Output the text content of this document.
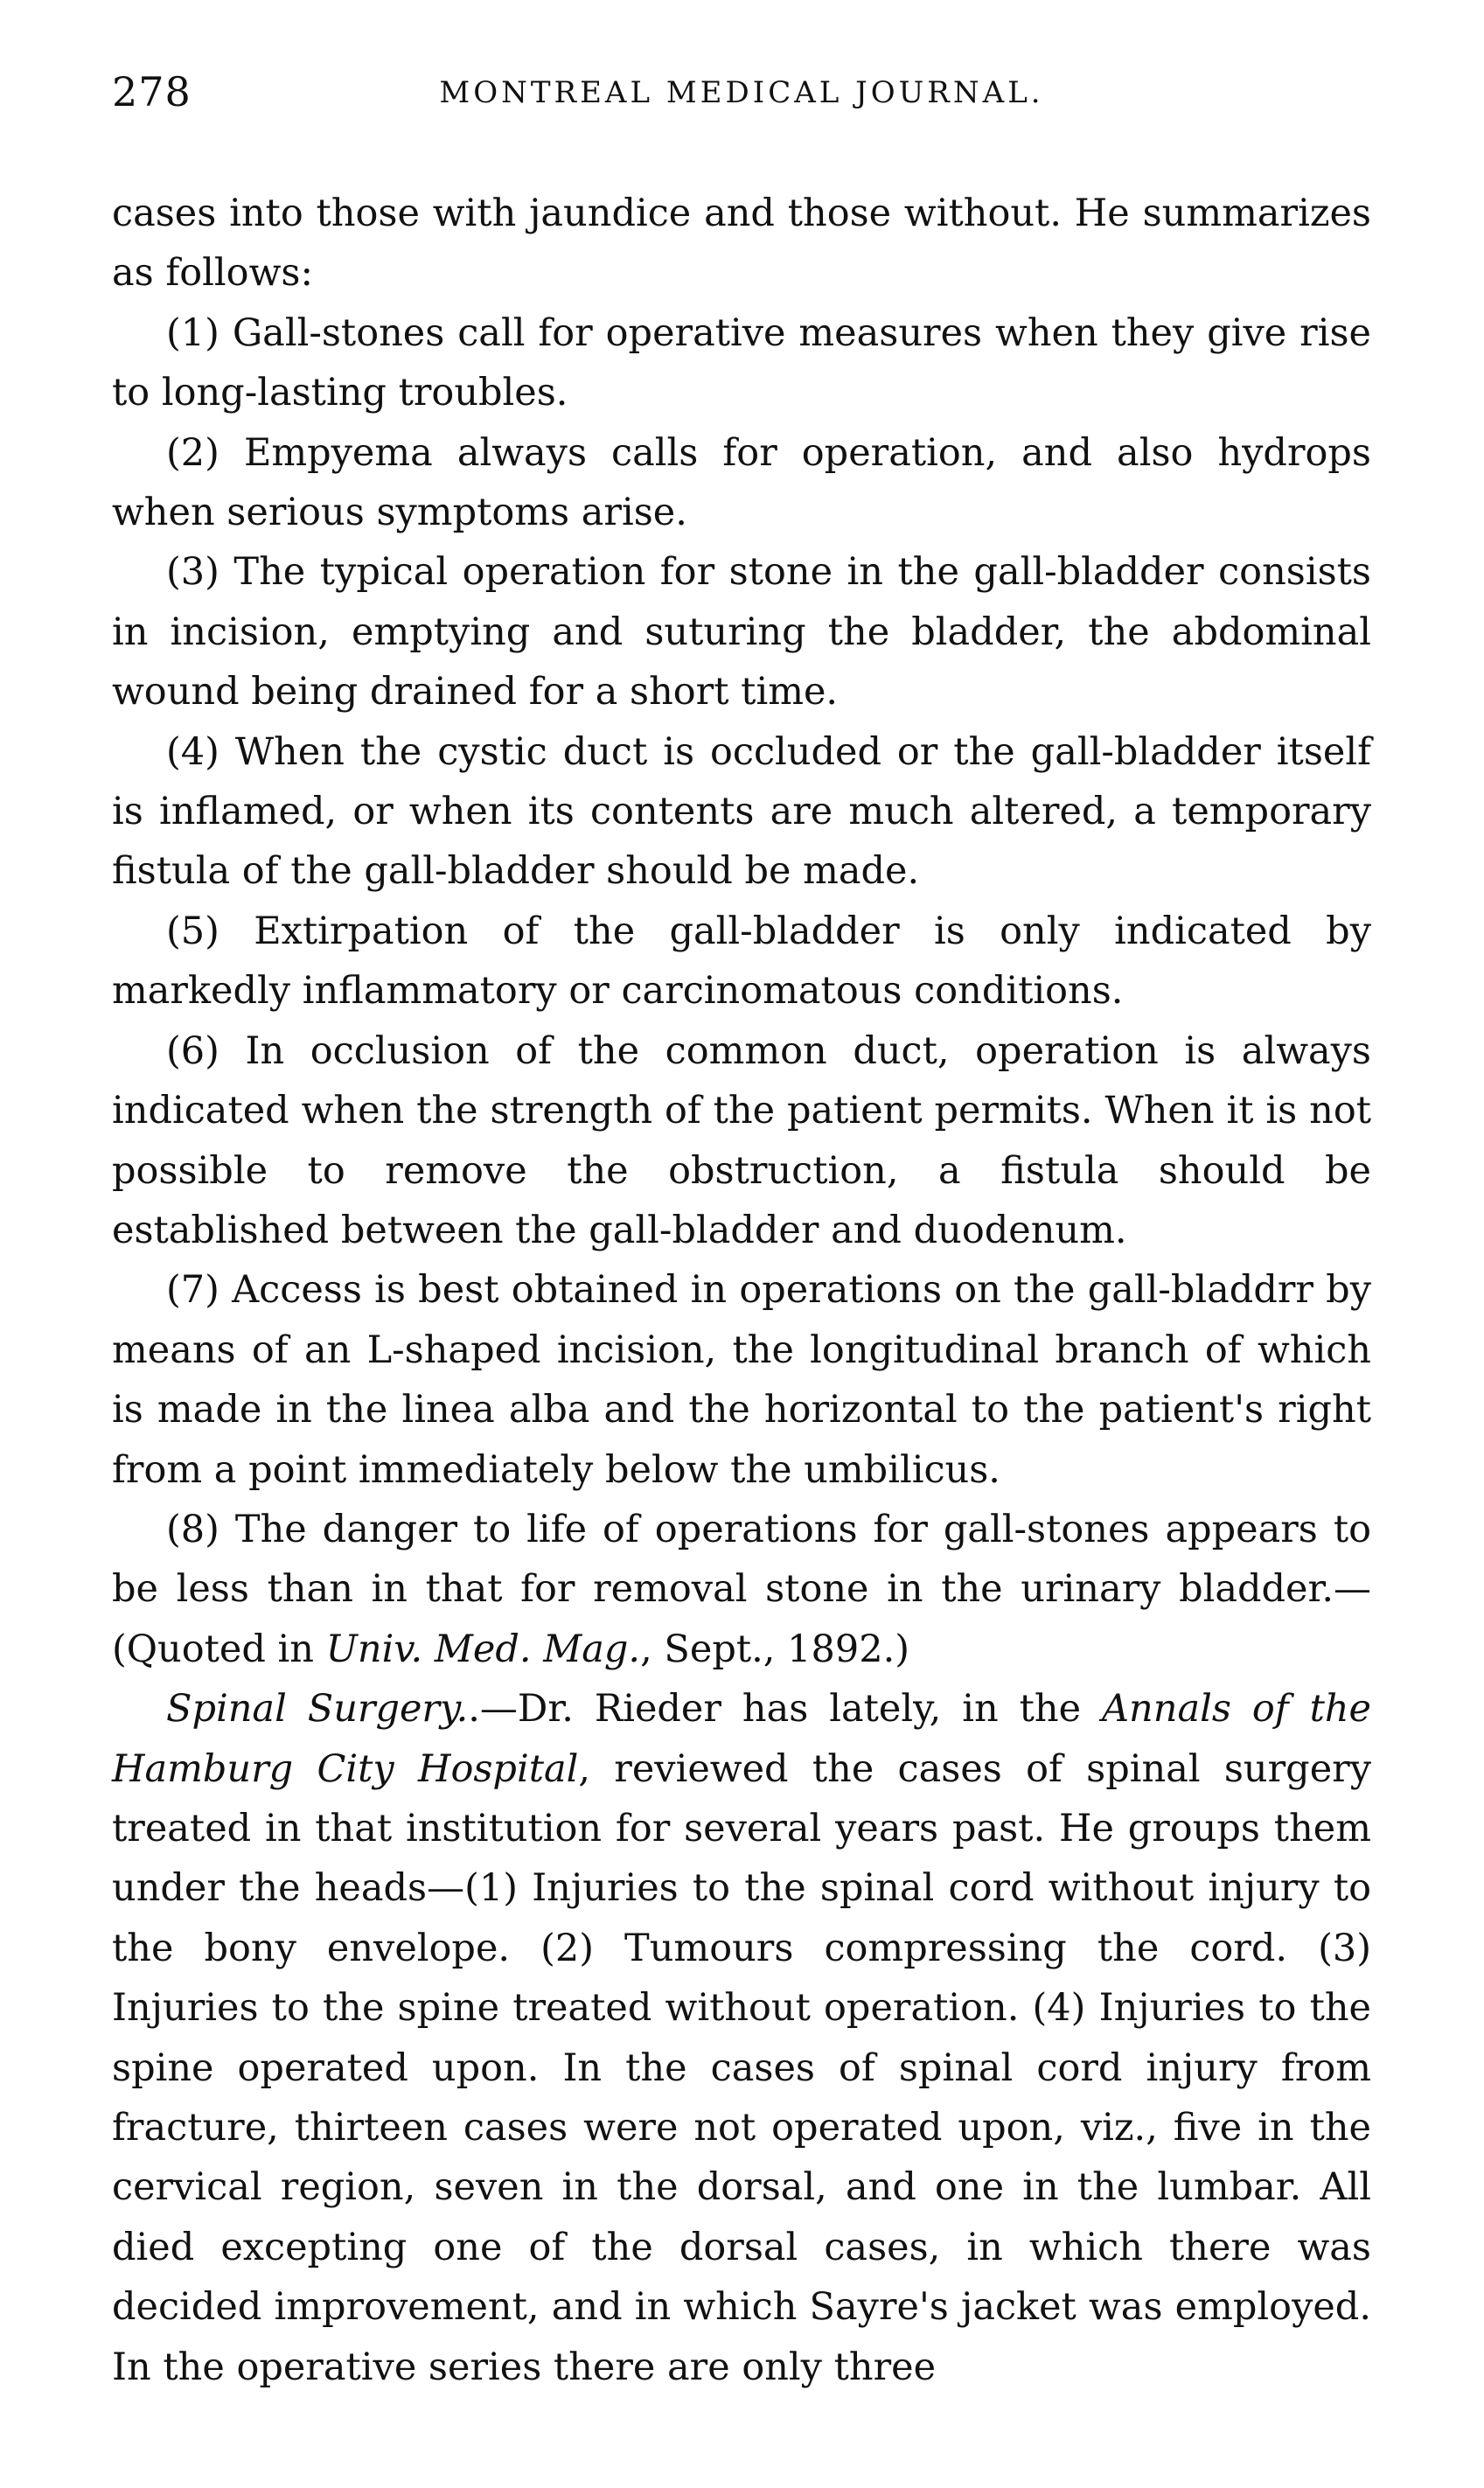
278	MONTREAL MEDICAL JOURNAL.

cases into those with jaundice and those without. He summarizes as follows:

(1) Gall-stones call for operative measures when they give rise to long-lasting troubles.

(2) Empyema always calls for operation, and also hydrops when serious symptoms arise.

(3) The typical operation for stone in the gall-bladder consists in incision, emptying and suturing the bladder, the abdominal wound being drained for a short time.

(4) When the cystic duct is occluded or the gall-bladder itself is inflamed, or when its contents are much altered, a temporary fistula of the gall-bladder should be made.

(5) Extirpation of the gall-bladder is only indicated by markedly inflammatory or carcinomatous conditions.

(6) In occlusion of the common duct, operation is always indicated when the strength of the patient permits. When it is not possible to remove the obstruction, a fistula should be established between the gall-bladder and duodenum.

(7) Access is best obtained in operations on the gall-bladdrr by means of an L-shaped incision, the longitudinal branch of which is made in the linea alba and the horizontal to the patient's right from a point immediately below the umbilicus.

(8) The danger to life of operations for gall-stones appears to be less than in that for removal stone in the urinary bladder.—(Quoted in Univ. Med. Mag., Sept., 1892.)

Spinal Surgery..—Dr. Rieder has lately, in the Annals of the Hamburg City Hospital, reviewed the cases of spinal surgery treated in that institution for several years past. He groups them under the heads—(1) Injuries to the spinal cord without injury to the bony envelope. (2) Tumours compressing the cord. (3) Injuries to the spine treated without operation. (4) Injuries to the spine operated upon. In the cases of spinal cord injury from fracture, thirteen cases were not operated upon, viz., five in the cervical region, seven in the dorsal, and one in the lumbar. All died excepting one of the dorsal cases, in which there was decided improvement, and in which Sayre's jacket was employed. In the operative series there are only three
